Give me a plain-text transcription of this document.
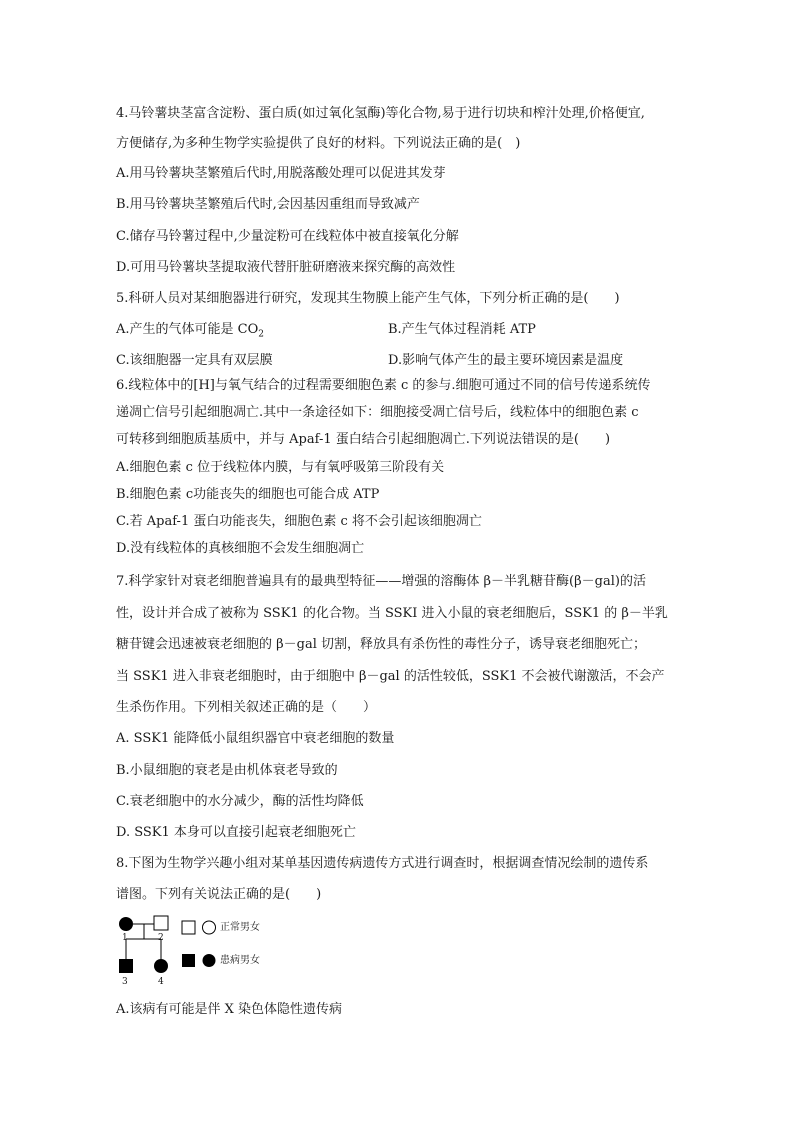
4.马铃薯块茎富含淀粉、蛋白质(如过氧化氢酶)等化合物,易于进行切块和榨汁处理,价格便宜,
方便储存,为多种生物学实验提供了良好的材料。下列说法正确的是(　)
A.用马铃薯块茎繁殖后代时,用脱落酸处理可以促进其发芽
B.用马铃薯块茎繁殖后代时,会因基因重组而导致减产
C.储存马铃薯过程中,少量淀粉可在线粒体中被直接氧化分解
D.可用马铃薯块茎提取液代替肝脏研磨液来探究酶的高效性
5.科研人员对某细胞器进行研究，发现其生物膜上能产生气体，下列分析正确的是(　　)
A.产生的气体可能是 $CO_2$	B.产生气体过程消耗 ATP
C.该细胞器一定具有双层膜	D.影响气体产生的最主要环境因素是温度
6.线粒体中的[H]与氧气结合的过程需要细胞色素 c 的参与.细胞可通过不同的信号传递系统传
递凋亡信号引起细胞凋亡.其中一条途径如下：细胞接受凋亡信号后，线粒体中的细胞色素 c
可转移到细胞质基质中，并与 Apaf-1 蛋白结合引起细胞凋亡.下列说法错误的是(　　)
A.细胞色素 c 位于线粒体内膜，与有氧呼吸第三阶段有关
B.细胞色素 c功能丧失的细胞也可能合成 ATP
C.若 Apaf-1 蛋白功能丧失，细胞色素 c 将不会引起该细胞凋亡
D.没有线粒体的真核细胞不会发生细胞凋亡
7.科学家针对衰老细胞普遍具有的最典型特征——增强的溶酶体 β－半乳糖苷酶(β－gal)的活
性，设计并合成了被称为 SSK1 的化合物。当 SSKI 进入小鼠的衰老细胞后，SSK1 的 β－半乳
糖苷键会迅速被衰老细胞的 β－gal 切割，释放具有杀伤性的毒性分子，诱导衰老细胞死亡；
当 SSK1 进入非衰老细胞时，由于细胞中 β－gal 的活性较低，SSK1 不会被代谢激活，不会产
生杀伤作用。下列相关叙述正确的是（　　）
A. SSK1 能降低小鼠组织器官中衰老细胞的数量
B.小鼠细胞的衰老是由机体衰老导致的
C.衰老细胞中的水分减少，酶的活性均降低
D. SSK1 本身可以直接引起衰老细胞死亡
8.下图为生物学兴趣小组对某单基因遗传病遗传方式进行调查时，根据调查情况绘制的遗传系
谱图。下列有关说法正确的是(　　)
1	2
3	4
正常男女
患病男女
A.该病有可能是伴 X 染色体隐性遗传病
